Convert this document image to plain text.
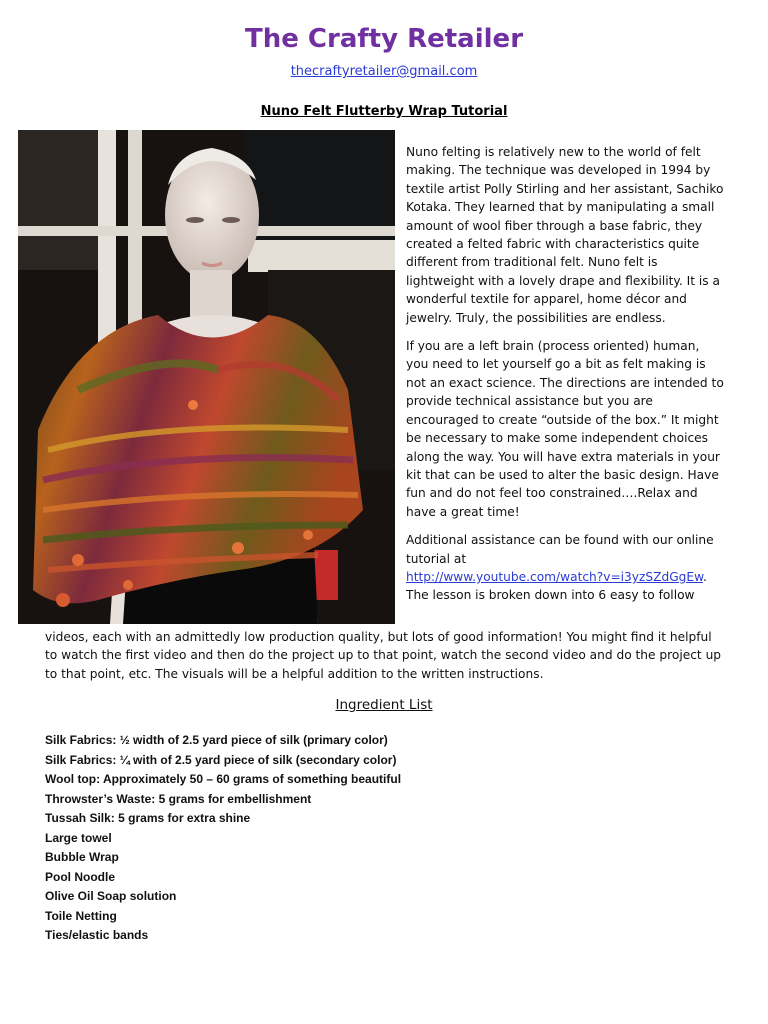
The Crafty Retailer
thecraftyretailer@gmail.com
Nuno Felt Flutterby Wrap Tutorial

Nuno felting is relatively new to the world of felt making. The technique was developed in 1994 by textile artist Polly Stirling and her assistant, Sachiko Kotaka. They learned that by manipulating a small amount of wool fiber through a base fabric, they created a felted fabric with characteristics quite different from traditional felt. Nuno felt is lightweight with a lovely drape and flexibility. It is a wonderful textile for apparel, home décor and jewelry. Truly, the possibilities are endless.

If you are a left brain (process oriented) human, you need to let yourself go a bit as felt making is not an exact science. The directions are intended to provide technical assistance but you are encouraged to create “outside of the box.” It might be necessary to make some independent choices along the way. You will have extra materials in your kit that can be used to alter the basic design. Have fun and do not feel too constrained….Relax and have a great time!

Additional assistance can be found with our online tutorial at
http://www.youtube.com/watch?v=i3yzSZdGgEw.
The lesson is broken down into 6 easy to follow

videos, each with an admittedly low production quality, but lots of good information! You might find it helpful to watch the first video and then do the project up to that point, watch the second video and do the project up to that point, etc. The visuals will be a helpful addition to the written instructions.

Ingredient List
Silk Fabrics: ½ width of 2.5 yard piece of silk (primary color)
Silk Fabrics: ¼ with of 2.5 yard piece of silk (secondary color)
Wool top: Approximately 50 – 60 grams of something beautiful
Throwster’s Waste: 5 grams for embellishment
Tussah Silk: 5 grams for extra shine
Large towel
Bubble Wrap
Pool Noodle
Olive Oil Soap solution
Toile Netting
Ties/elastic bands
